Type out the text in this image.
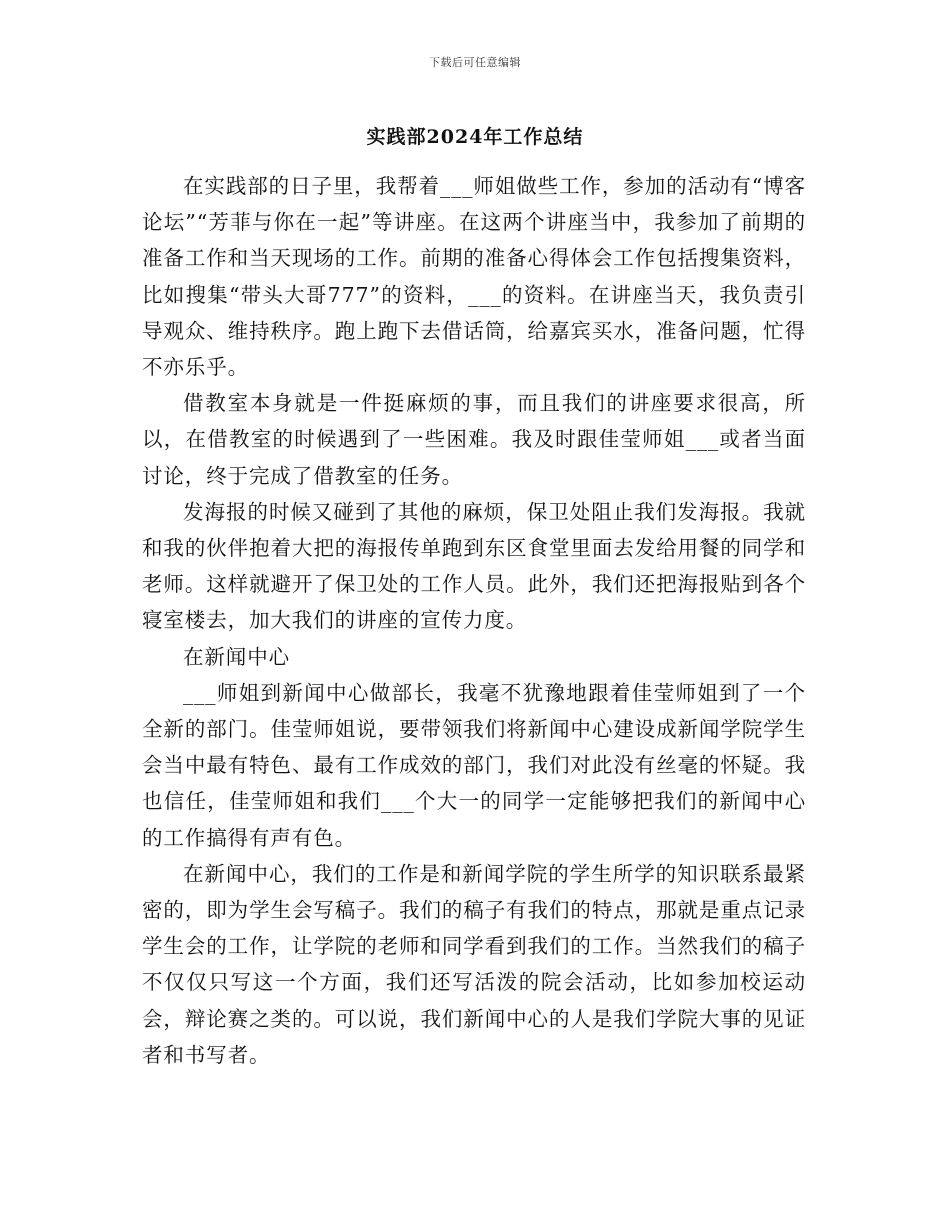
下载后可任意编辑
实践部2024年工作总结

在实践部的日子里，我帮着___师姐做些工作，参加的活动有“博客论坛”“芳菲与你在一起”等讲座。在这两个讲座当中，我参加了前期的准备工作和当天现场的工作。前期的准备心得体会工作包括搜集资料，比如搜集“带头大哥777”的资料，___的资料。在讲座当天，我负责引导观众、维持秩序。跑上跑下去借话筒，给嘉宾买水，准备问题，忙得不亦乐乎。

借教室本身就是一件挺麻烦的事，而且我们的讲座要求很高，所以，在借教室的时候遇到了一些困难。我及时跟佳莹师姐___或者当面讨论，终于完成了借教室的任务。

发海报的时候又碰到了其他的麻烦，保卫处阻止我们发海报。我就和我的伙伴抱着大把的海报传单跑到东区食堂里面去发给用餐的同学和老师。这样就避开了保卫处的工作人员。此外，我们还把海报贴到各个寝室楼去，加大我们的讲座的宣传力度。

在新闻中心

___师姐到新闻中心做部长，我毫不犹豫地跟着佳莹师姐到了一个全新的部门。佳莹师姐说，要带领我们将新闻中心建设成新闻学院学生会当中最有特色、最有工作成效的部门，我们对此没有丝毫的怀疑。我也信任，佳莹师姐和我们___个大一的同学一定能够把我们的新闻中心的工作搞得有声有色。

在新闻中心，我们的工作是和新闻学院的学生所学的知识联系最紧密的，即为学生会写稿子。我们的稿子有我们的特点，那就是重点记录学生会的工作，让学院的老师和同学看到我们的工作。当然我们的稿子不仅仅只写这一个方面，我们还写活泼的院会活动，比如参加校运动会，辩论赛之类的。可以说，我们新闻中心的人是我们学院大事的见证者和书写者。
